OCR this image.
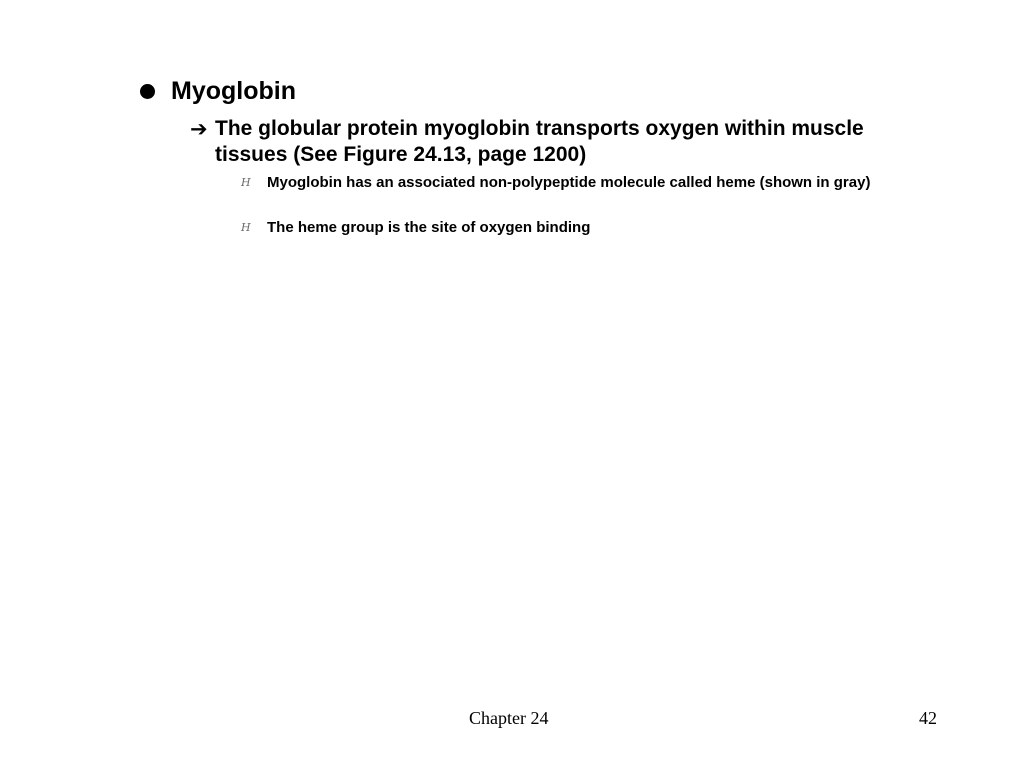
Myoglobin
➔ The globular protein myoglobin transports oxygen within muscle tissues (See Figure 24.13, page 1200)
H	Myoglobin has an associated non-polypeptide molecule called heme (shown in gray)
H	The heme group is the site of oxygen binding
Chapter 24	42
